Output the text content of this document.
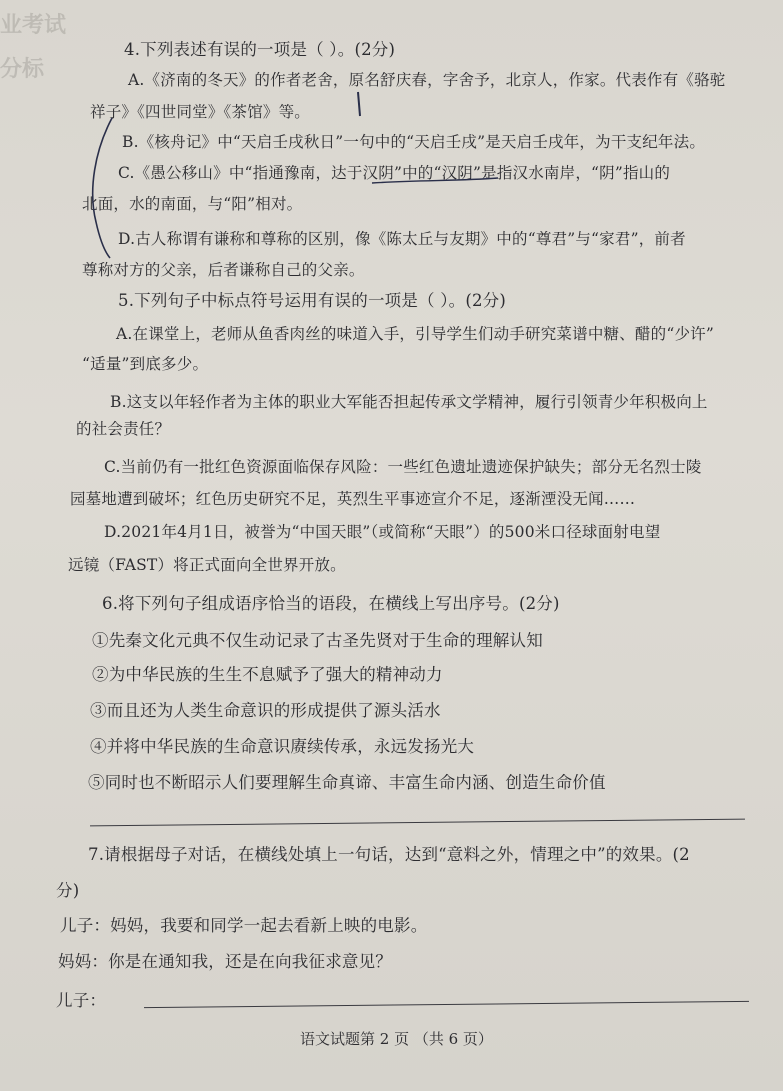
业考试
分标
4.下列表述有误的一项是（ ）。(2分)
A.《济南的冬天》的作者老舍，原名舒庆春，字舍予，北京人，作家。代表作有《骆驼
祥子》《四世同堂》《茶馆》等。
B.《核舟记》中“天启壬戌秋日”一句中的“天启壬戌”是天启壬戌年，为干支纪年法。
C.《愚公移山》中“指通豫南，达于汉阴”中的“汉阴”是指汉水南岸，“阴”指山的
北面，水的南面，与“阳”相对。
D.古人称谓有谦称和尊称的区别，像《陈太丘与友期》中的“尊君”与“家君”，前者
尊称对方的父亲，后者谦称自己的父亲。
5.下列句子中标点符号运用有误的一项是（ ）。(2分)
A.在课堂上，老师从鱼香肉丝的味道入手，引导学生们动手研究菜谱中糖、醋的“少许”
“适量”到底多少。
B.这支以年轻作者为主体的职业大军能否担起传承文学精神，履行引领青少年积极向上
的社会责任？
C.当前仍有一批红色资源面临保存风险：一些红色遗址遗迹保护缺失；部分无名烈士陵
园墓地遭到破坏；红色历史研究不足，英烈生平事迹宣介不足，逐渐湮没无闻……
D.2021年4月1日，被誉为“中国天眼”（或简称“天眼”）的500米口径球面射电望
远镜（FAST）将正式面向全世界开放。
6.将下列句子组成语序恰当的语段，在横线上写出序号。(2分)
①先秦文化元典不仅生动记录了古圣先贤对于生命的理解认知
②为中华民族的生生不息赋予了强大的精神动力
③而且还为人类生命意识的形成提供了源头活水
④并将中华民族的生命意识赓续传承，永远发扬光大
⑤同时也不断昭示人们要理解生命真谛、丰富生命内涵、创造生命价值
7.请根据母子对话，在横线处填上一句话，达到“意料之外，情理之中”的效果。(2
分)
儿子：妈妈，我要和同学一起去看新上映的电影。
妈妈：你是在通知我，还是在向我征求意见？
儿子：
语文试题第 2 页 （共 6 页）
